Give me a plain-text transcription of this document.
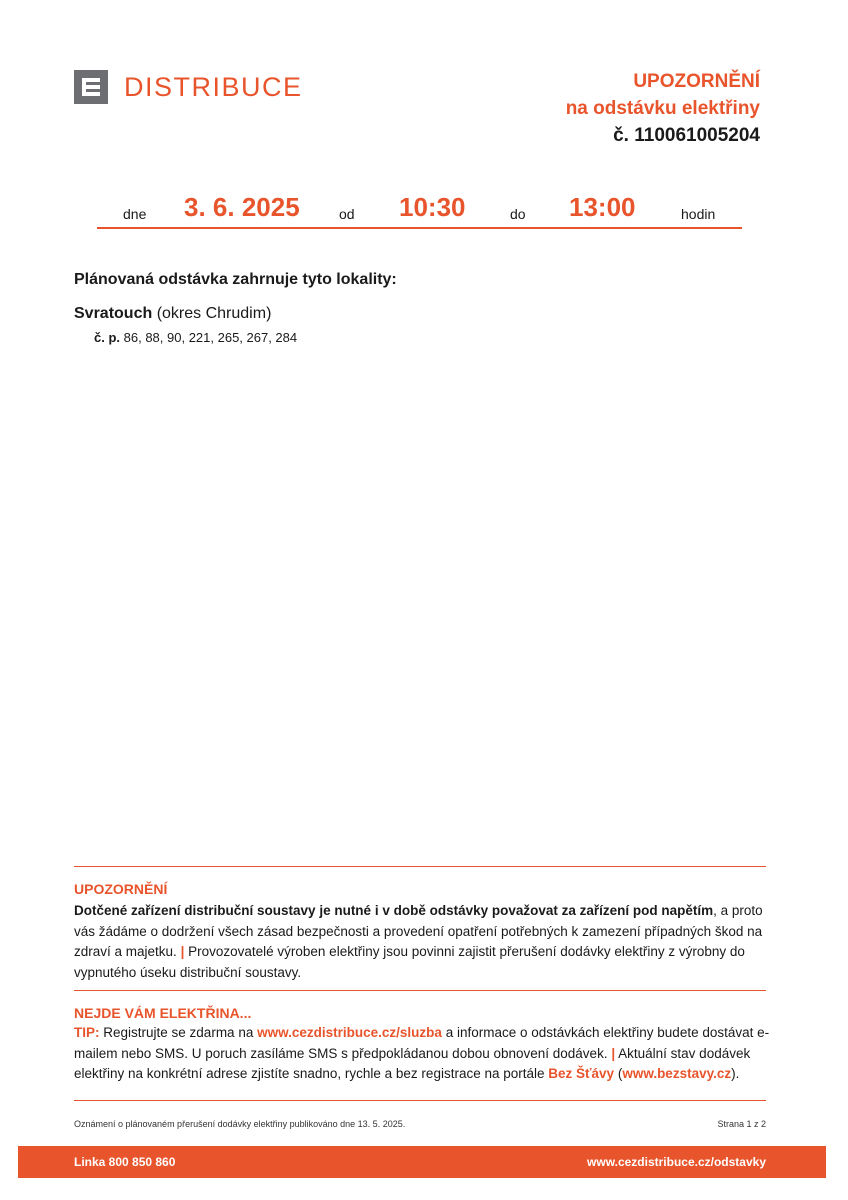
DISTRIBUCE	UPOZORNĚNÍ
na odstávku elektřiny
č. 110061005204
dne 3. 6. 2025	od 10:30	do 13:00	hodin
Plánovaná odstávka zahrnuje tyto lokality:
Svratouch (okres Chrudim)
č. p. 86, 88, 90, 221, 265, 267, 284
UPOZORNĚNÍ
Dotčené zařízení distribuční soustavy je nutné i v době odstávky považovat za zařízení pod napětím, a proto vás žádáme o dodržení všech zásad bezpečnosti a provedení opatření potřebných k zamezení případných škod na zdraví a majetku. | Provozovatelé výroben elektřiny jsou povinni zajistit přerušení dodávky elektřiny z výrobny do vypnutého úseku distribuční soustavy.
NEJDE VÁM ELEKTŘINA...
TIP: Registrujte se zdarma na www.cezdistribuce.cz/sluzba a informace o odstávkách elektřiny budete dostávat e-mailem nebo SMS. U poruch zasíláme SMS s předpokládanou dobou obnovení dodávek. | Aktuální stav dodávek elektřiny na konkrétní adrese zjistíte snadno, rychle a bez registrace na portále Bez Šťávy (www.bezstavy.cz).
Oznámení o plánovaném přerušení dodávky elektřiny publikováno dne 13. 5. 2025.	Strana 1 z 2
Linka 800 850 860	www.cezdistribuce.cz/odstavky
